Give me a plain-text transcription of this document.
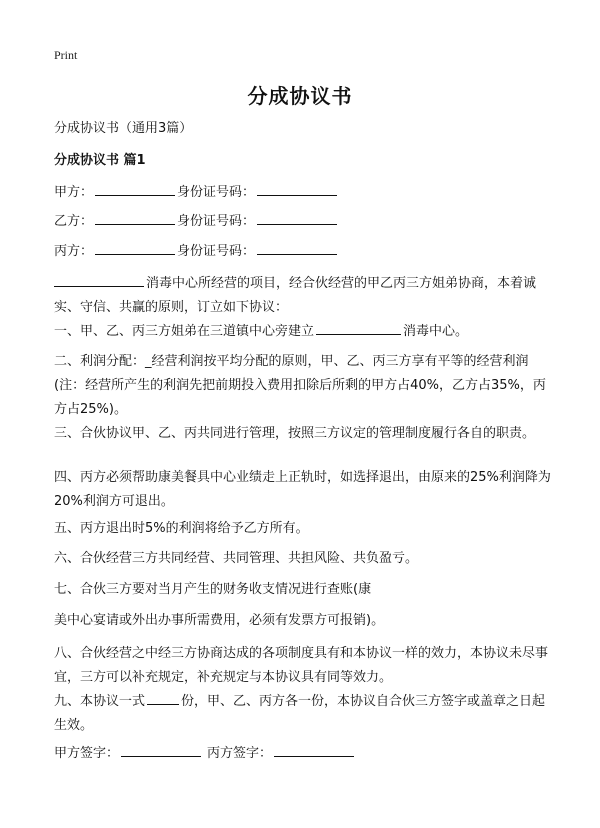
Print
分成协议书
分成协议书（通用3篇）
分成协议书 篇1
甲方：	身份证号码：
乙方：	身份证号码：
丙方：	身份证号码：
消毒中心所经营的项目，经合伙经营的甲乙丙三方姐弟协商，本着诚实、守信、共赢的原则，订立如下协议：
一、甲、乙、丙三方姐弟在三道镇中心旁建立	消毒中心。
二、利润分配：_经营利润按平均分配的原则，甲、乙、丙三方享有平等的经营利润(注：经营所产生的利润先把前期投入费用扣除后所剩的甲方占40%，乙方占35%，丙方占25%)。
三、合伙协议甲、乙、丙共同进行管理，按照三方议定的管理制度履行各自的职责。
四、丙方必须帮助康美餐具中心业绩走上正轨时，如选择退出，由原来的25%利润降为20%利润方可退出。
五、丙方退出时5%的利润将给予乙方所有。
六、合伙经营三方共同经营、共同管理、共担风险、共负盈亏。
七、合伙三方要对当月产生的财务收支情况进行查账(康
美中心宴请或外出办事所需费用，必须有发票方可报销)。
八、合伙经营之中经三方协商达成的各项制度具有和本协议一样的效力，本协议未尽事宜，三方可以补充规定，补充规定与本协议具有同等效力。
九、本协议一式	份，甲、乙、丙方各一份，本协议自合伙三方签字或盖章之日起生效。
甲方签字：	丙方签字：
